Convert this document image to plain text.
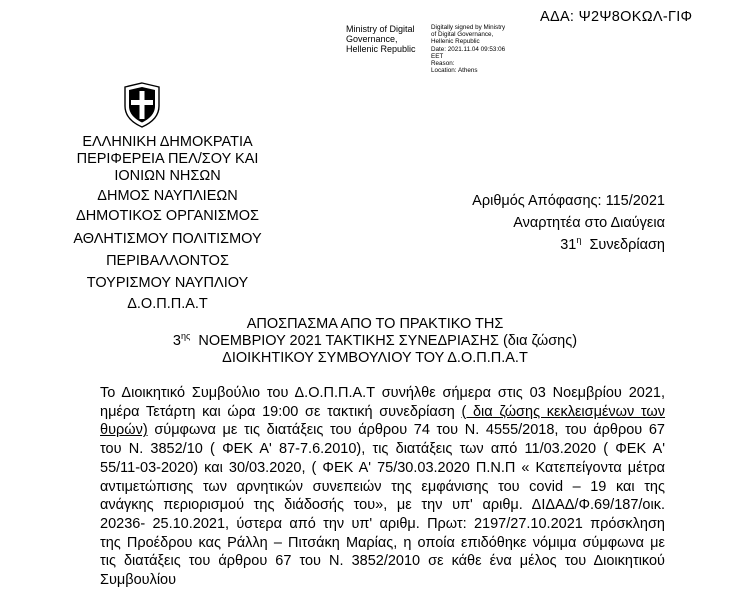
Ministry of Digital
Governance,
Hellenic Republic
Digitally signed by Ministry
of Digital Governance,
Hellenic Republic
Date: 2021.11.04 09:53:06
EET
Reason:
Location: Athens
ΑΔΑ: Ψ2Ψ8ΟΚΩΛ-ΓΙΦ
ΕΛΛΗΝΙΚΗ ΔΗΜΟΚΡΑΤΙΑ
ΠΕΡΙΦΕΡΕΙΑ ΠΕΛ/ΣΟΥ ΚΑΙ
ΙΟΝΙΩΝ ΝΗΣΩΝ
ΔΗΜΟΣ ΝΑΥΠΛΙΕΩΝ
ΔΗΜΟΤΙΚΟΣ ΟΡΓΑΝΙΣΜΟΣ
ΑΘΛΗΤΙΣΜΟΥ ΠΟΛΙΤΙΣΜΟΥ
ΠΕΡΙΒΑΛΛΟΝΤΟΣ
ΤΟΥΡΙΣΜΟΥ ΝΑΥΠΛΙΟΥ
Δ.Ο.Π.Π.Α.Τ
Αριθμός Απόφασης: 115/2021
Αναρτητέα στο Διαύγεια
$31^\eta$ Συνεδρίαση
ΑΠΟΣΠΑΣΜΑ ΑΠΟ ΤΟ ΠΡΑΚΤΙΚΟ ΤΗΣ
$3^{\eta\varsigma}$ ΝΟΕΜΒΡΙΟΥ 2021 ΤΑΚΤΙΚΗΣ ΣΥΝΕΔΡΙΑΣΗΣ (δια ζώσης)
ΔΙΟΙΚΗΤΙΚΟΥ ΣΥΜΒΟΥΛΙΟΥ ΤΟΥ Δ.Ο.Π.Π.Α.Τ
Το Διοικητικό Συμβούλιο του Δ.Ο.Π.Π.Α.Τ συνήλθε σήμερα στις 03 Νοεμβρίου 2021,
ημέρα Τετάρτη και ώρα 19:00 σε τακτική συνεδρίαση ( δια ζώσης κεκλεισμένων των
θυρών) σύμφωνα με τις διατάξεις του άρθρου 74 του Ν. 4555/2018, του άρθρου 67
του Ν. 3852/10 ( ΦΕΚ Α' 87-7.6.2010), τις διατάξεις των από 11/03.2020 ( ΦΕΚ Α'
55/11-03-2020) και 30/03.2020, ( ΦΕΚ Α' 75/30.03.2020 Π.Ν.Π « Κατεπείγοντα μέτρα
αντιμετώπισης των αρνητικών συνεπειών της εμφάνισης του covid – 19 και της
ανάγκης περιορισμού της διάδοσής του», με την υπ' αριθμ. ΔΙΔΑΔ/Φ.69/187/οικ.
20236- 25.10.2021, ύστερα από την υπ' αριθμ. Πρωτ: 2197/27.10.2021 πρόσκληση
της Προέδρου κας Ράλλη – Πιτσάκη Μαρίας, η οποία επιδόθηκε νόμιμα σύμφωνα με
τις διατάξεις του άρθρου 67 του Ν. 3852/2010 σε κάθε ένα μέλος του Διοικητικού
Συμβουλίου
